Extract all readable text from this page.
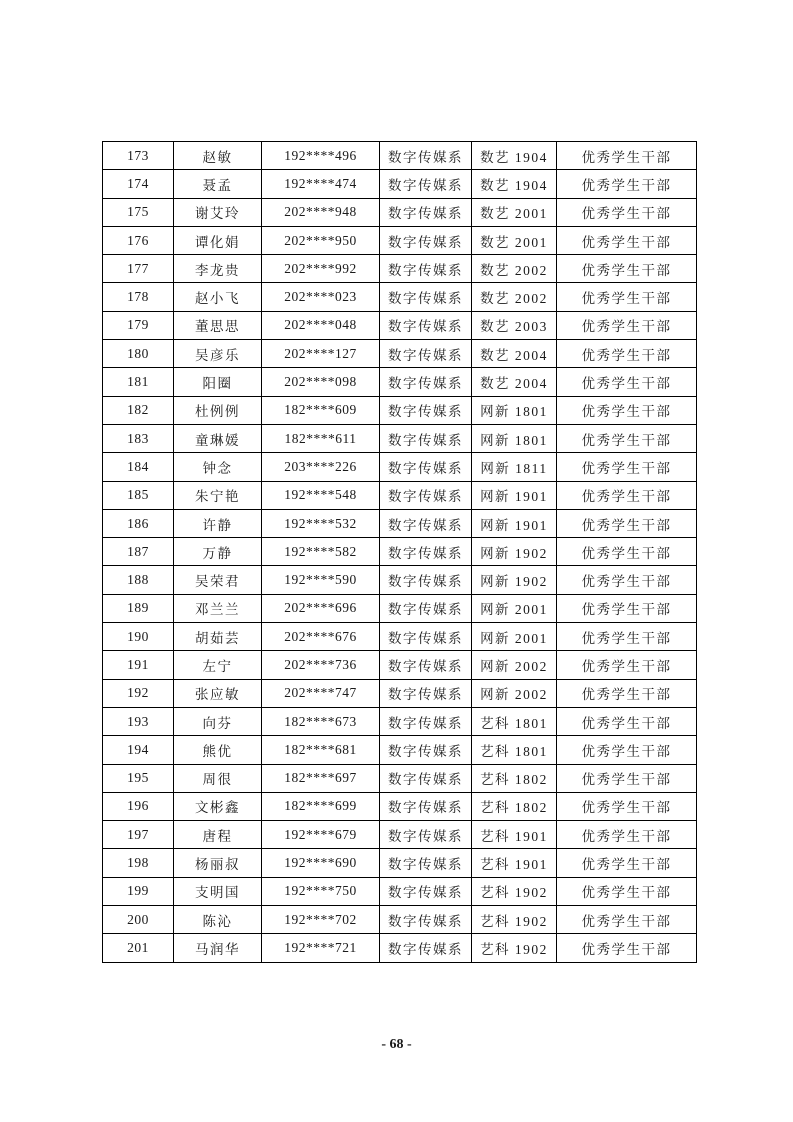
173	赵敏	192****496	数字传媒系	数艺 1904	优秀学生干部
174	聂孟	192****474	数字传媒系	数艺 1904	优秀学生干部
175	谢艾玲	202****948	数字传媒系	数艺 2001	优秀学生干部
176	谭化娟	202****950	数字传媒系	数艺 2001	优秀学生干部
177	李龙贵	202****992	数字传媒系	数艺 2002	优秀学生干部
178	赵小飞	202****023	数字传媒系	数艺 2002	优秀学生干部
179	董思思	202****048	数字传媒系	数艺 2003	优秀学生干部
180	吴彦乐	202****127	数字传媒系	数艺 2004	优秀学生干部
181	阳圈	202****098	数字传媒系	数艺 2004	优秀学生干部
182	杜例例	182****609	数字传媒系	网新 1801	优秀学生干部
183	童琳媛	182****611	数字传媒系	网新 1801	优秀学生干部
184	钟念	203****226	数字传媒系	网新 1811	优秀学生干部
185	朱宁艳	192****548	数字传媒系	网新 1901	优秀学生干部
186	许静	192****532	数字传媒系	网新 1901	优秀学生干部
187	万静	192****582	数字传媒系	网新 1902	优秀学生干部
188	吴荣君	192****590	数字传媒系	网新 1902	优秀学生干部
189	邓兰兰	202****696	数字传媒系	网新 2001	优秀学生干部
190	胡茹芸	202****676	数字传媒系	网新 2001	优秀学生干部
191	左宁	202****736	数字传媒系	网新 2002	优秀学生干部
192	张应敏	202****747	数字传媒系	网新 2002	优秀学生干部
193	向芬	182****673	数字传媒系	艺科 1801	优秀学生干部
194	熊优	182****681	数字传媒系	艺科 1801	优秀学生干部
195	周很	182****697	数字传媒系	艺科 1802	优秀学生干部
196	文彬鑫	182****699	数字传媒系	艺科 1802	优秀学生干部
197	唐程	192****679	数字传媒系	艺科 1901	优秀学生干部
198	杨丽叔	192****690	数字传媒系	艺科 1901	优秀学生干部
199	支明国	192****750	数字传媒系	艺科 1902	优秀学生干部
200	陈沁	192****702	数字传媒系	艺科 1902	优秀学生干部
201	马润华	192****721	数字传媒系	艺科 1902	优秀学生干部
- 68 -
